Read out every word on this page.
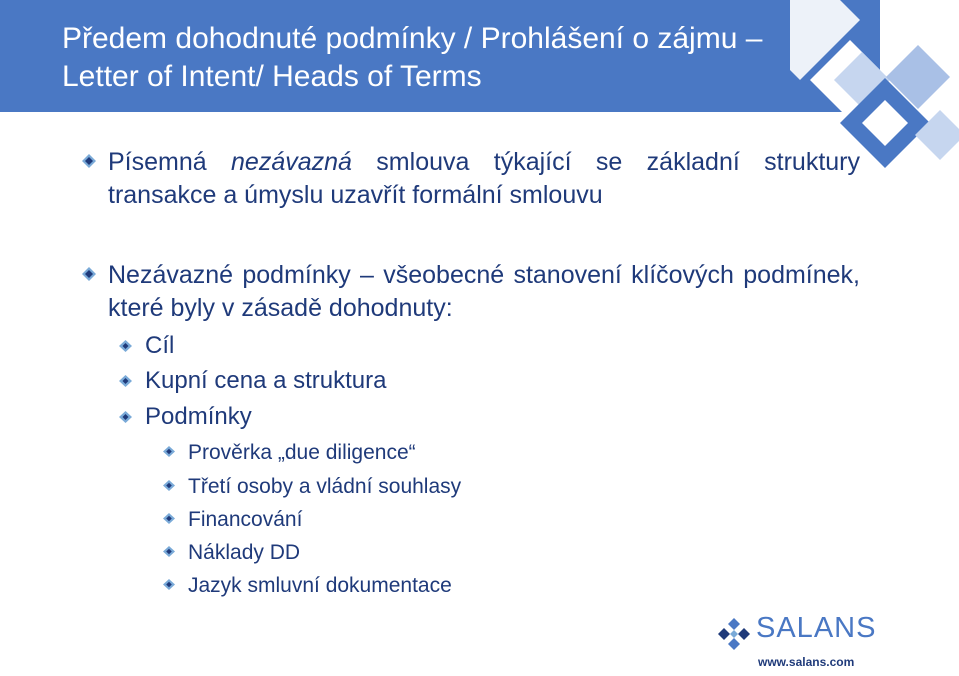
Předem dohodnuté podmínky / Prohlášení o zájmu – Letter of Intent/ Heads of Terms
Písemná nezávazná smlouva týkající se základní struktury transakce a úmyslu uzavřít formální smlouvu
Nezávazné podmínky – všeobecné stanovení klíčových podmínek, které byly v zásadě dohodnuty:
Cíl
Kupní cena a struktura
Podmínky
Prověrka „due diligence“
Třetí osoby a vládní souhlasy
Financování
Náklady DD
Jazyk smluvní dokumentace
SALANS
www.salans.com
